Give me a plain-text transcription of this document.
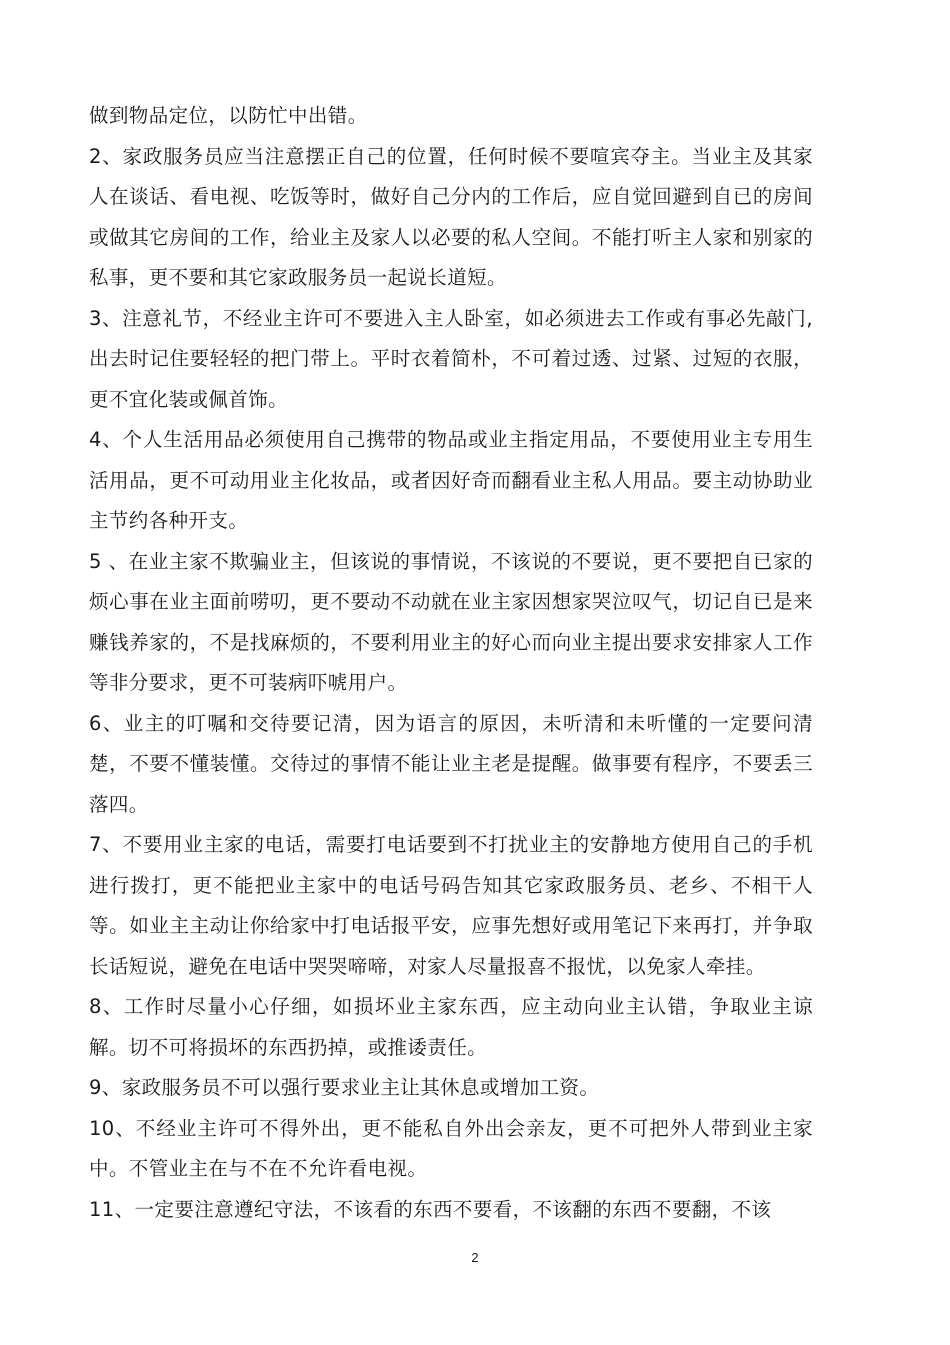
做到物品定位，以防忙中出错。

2、家政服务员应当注意摆正自己的位置，任何时候不要喧宾夺主。当业主及其家人在谈话、看电视、吃饭等时，做好自己分内的工作后，应自觉回避到自已的房间或做其它房间的工作，给业主及家人以必要的私人空间。不能打听主人家和别家的私事，更不要和其它家政服务员一起说长道短。

3、注意礼节，不经业主许可不要进入主人卧室，如必须进去工作或有事必先敲门, 出去时记住要轻轻的把门带上。平时衣着简朴，不可着过透、过紧、过短的衣服，更不宜化装或佩首饰。

4、个人生活用品必须使用自己携带的物品或业主指定用品，不要使用业主专用生活用品，更不可动用业主化妆品，或者因好奇而翻看业主私人用品。要主动协助业主节约各种开支。

5 、在业主家不欺骗业主，但该说的事情说，不该说的不要说，更不要把自已家的烦心事在业主面前唠叨，更不要动不动就在业主家因想家哭泣叹气，切记自已是来赚钱养家的，不是找麻烦的，不要利用业主的好心而向业主提出要求安排家人工作等非分要求，更不可装病吓唬用户。

6、业主的叮嘱和交待要记清，因为语言的原因，未听清和未听懂的一定要问清楚，不要不懂装懂。交待过的事情不能让业主老是提醒。做事要有程序，不要丢三落四。

7、不要用业主家的电话，需要打电话要到不打扰业主的安静地方使用自己的手机进行拨打，更不能把业主家中的电话号码告知其它家政服务员、老乡、不相干人等。如业主主动让你给家中打电话报平安，应事先想好或用笔记下来再打，并争取长话短说，避免在电话中哭哭啼啼，对家人尽量报喜不报忧，以免家人牵挂。

8、工作时尽量小心仔细，如损坏业主家东西，应主动向业主认错，争取业主谅解。切不可将损坏的东西扔掉，或推诿责任。

9、家政服务员不可以强行要求业主让其休息或增加工资。

10、不经业主许可不得外出，更不能私自外出会亲友，更不可把外人带到业主家中。不管业主在与不在不允许看电视。

11、一定要注意遵纪守法，不该看的东西不要看，不该翻的东西不要翻，不该

2
